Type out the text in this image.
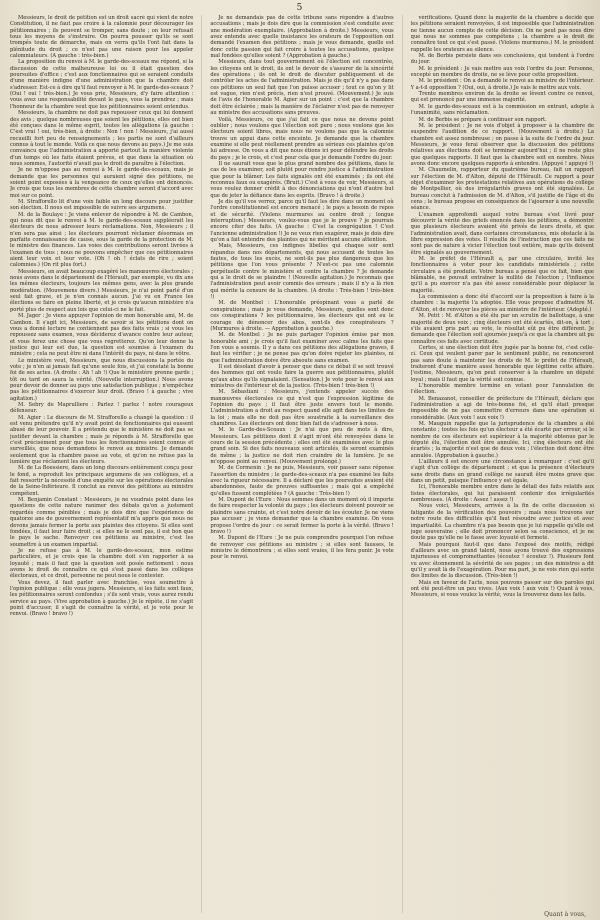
5

Messieurs, le droit de pétition est un droit sacré qui vient de notre Constitution, il ne faut pas croire à la calomnie pour décourager les pétitionnaires ; ils peuvent se tromper, sans doute ; on leur refusait tous les moyens de s'instruire. On pourra pousser qu'ils se sont trompés toute de démarche, mais on verra qu'ils l'ont fait dans la plénitude du droit ; ce n'est pas une raison pour les appeler calomniateurs. (A gauche : très-bien.)

La proposition du renvoi à M. le garde-des-sceaux me répond, si la discussion de cette malheureuse loi ou il était question des poursuites d'office ; c'est aux fonctionnaires qui se seraient conduits d'une manière indigne d'une administration que la chambre doit s'adresser. Est-ce à dire qu'il faut renvoyer à M. le garde-des-sceaux ? (Oui ! oui ! très-bien.) Je vous prie, Messieurs, d'y faire attention : vous avez une responsabilité devant le pays, vous la prendrez ; mais l'honneur de la chambre veut que les pétitionnaires soient entendus.

Messieurs, la chambre ne doit pas repousser ceux qui lui donnent des avis ; quelque nombreuses que soient les pétitions, elles ont bien été conçues dans le même esprit, toutes les allégations (à gauche : C'est vrai ! oui, très-bien, à droite : Non ! non ! Messieurs, j'ai aussi recueilli fort peu de renseignements ; les partis ne sont d'ailleurs connus à tout le monde. Voilà ce que nous devons au pays.) Je me suis convaincu que l'administration a apporté partout la manière violente d'un temps où les faits étaient prévus, et que dans la situation où nous sommes, l'autorité n'avait pas le droit de paraître à l'élection.

Je ne m'oppose pas au renvoi à M. le garde-des-sceaux, mais je demande que les personnes qui auraient signé des pétitions, ne soient point exposées à la vengeance de ceux qu'elles ont dénoncés. Je crois que tous les membres de cette chambre seront d'accord avec moi sur ce point.

M. Strafforello lit d'une voix faible un long discours pour justifier son élection. Il nous est impossible de suivre ses argumens.

M. de la Boulaye : Je viens enlever de répondre à M. de Cambon, qui nous dit que le renvoi à M. le garde-des-sceaux suppléerait les électeurs de nous adresser leurs réclamations. Non, Messieurs ; il n'en sera pas ainsi ; les électeurs pourront réclamer désormais en parfaite connaissance de cause, sous la garde de la protection de M. le ministre des finances. Les voies des contributions seront livrées à l'examen de tous ; nous ne pouvons empêcher que ces pétitionnaires aient leur voix et leur vote. (Oh ! oh ! éclats de rire ; soient calomnies.) (On rit plus fort.)

Messieurs, on avait beaucoup exagéré les manœuvres électorales ; nous avons dans le département de l'Hérault, par exemple, vu dix ans les mêmes électeurs, toujours les mêmes gens, avec la plus grande modération. (Mouvemens divers.) Messieurs, je n'ai point parlé d'un seul fait grave, et je n'en connais aucun. J'ai vu en France les élections se faire en pleine liberté, et je crois qu'aucun ministère n'a porté plus de respect aux lois que celui-ci ne le fait.

M. Jager : Je viens appuyer l'opinion de mon honorable ami, M. de Cambon. Il s'agit ici, Messieurs, de savoir si les pétitions dont on vous a donné lecture ne contiennent pas des faits vrais ; si vous les repoussez sans examen, vous déciderez d'avance contre leur auteur, et vous ferez une chose que vous regretterez. Qu'on leur donne la justice qui leur est due, la question est soumise à l'examen du ministre ; cela ne peut être ni dans l'intérêt du pays, ni dans le vôtre.

Le ministère veut, Messieurs, que nous discussions la portée du vote ; je n'en ai jamais fait qu'une seule fois, et j'ai constaté la bonne foi de ses actes. (A droite : Ah ! ah !) Que le ministère prenne garde ; tôt ou tard on saura la vérité. (Nouvelle interruption.) Nous avons pour devoir de donner au pays une satisfaction publique ; n'empêchez pas les pétitionnaires d'exercer leur droit. (Bravo ! à gauche ; vive agitation.)

M. Sebry de Maprulliere : Parlez ! parlez ! notre courageux défenseur.

M. Agier : Le discours de M. Strafforello a changé la question : il est venu prétendre qu'il n'y avait point de fonctionnaires qui eussent abusé de leur pouvoir. Il a prétendu que le ministère ne doit pas se justifier devant la chambre ; mais je réponds à M. Strafforello que c'est précisément pour que tous les fonctionnaires soient connus et surveillés, que nous demandons le renvoi au ministre. Je demande seulement que la chambre passe au vote, et qu'on ne refuse pas la lumière que réclament les électeurs.

M. de La Boessiere, dans un long discours entièrement conçu pour le fond, a reproduit les principaux argumens de ses collègues, et a fait ressortir la nécessité d'une enquête sur les opérations électorales de la Seine-Inférieure. Il conclut au renvoi des pétitions au ministre compétent.

M. Benjamin Constant : Messieurs, je ne voudrais point dans les questions de cette nature ranimer des débats qu'on a justement regardés comme pénibles ; mais je dois dire que l'expérience de quatorze ans de gouvernement représentatif m'a appris que nous ne devons jamais fermer la porte aux plaintes des citoyens. Si elles sont fondées, il faut leur faire droit ; si elles ne le sont pas, il est bon que le pays le sache. Renvoyer ces pétitions au ministre, c'est les soumettre à un examen impartial.

Je ne refuse pas à M. le garde-des-sceaux, mon estime particulière, et je crois que la chambre doit s'en rapporter à sa loyauté ; mais il faut que la question soit posée nettement : nous avons le droit de connaître ce qui s'est passé dans les collèges électoraux, et ce droit, personne ne peut nous le contester.

Vous devez, il faut parler avec franchise, vous soumettre à l'opinion publique : elle vous jugera. Messieurs, si les faits sont faux, les pétitionnaires seront confondus ; s'ils sont vrais, vous aurez rendu service au pays. (Vive approbation à gauche.) Je le répète, il ne s'agit point d'accuser, il s'agit de connaître la vérité, et je vote pour le renvoi. (Bravo ! bravo !)

Je ne demandais pas de cette tribune sans répondre à d'autres accusations ; mais je dois dire que la commission s'est conduite avec une modération exemplaire. (Approbation à droite.) Messieurs, vous avez entendu avec quelle insistance les orateurs de l'opposition ont demandé l'examen des pétitions ; mais je vous demande, quelle est donc cette passion qui fait croire à toutes les accusations, quelque mal fondées qu'elles soient ? (Approbation à gauche.)

Messieurs, dans tout gouvernement où l'élection est concentrée, les citoyens ont le droit, ils ont le devoir de s'assurer de la sincérité des opérations ; ils ont le droit de discuter publiquement et de contrôler les actes de l'administration. Mais je dis qu'il n'y a pas dans ces pétitions un seul fait que l'on puisse accuser ; tout ce qu'on y lit est vague, rien n'est précis, rien n'est prouvé. (Mouvement.) Je suis de l'avis de l'honorable M. Agier sur un point : c'est que la chambre doit être éclairée ; mais la manière de l'éclairer n'est pas de renvoyer au ministre des accusations sans preuves.

Voilà, Messieurs, ce que j'ai fait ce que nous ne devons point oublier ; nous voulons que l'élection soit pure ; nous voulons que les électeurs soient libres, mais nous ne voulons pas que la calomnie trouve un appui dans cette enceinte. Je demande que la chambre examine si elle peut réellement prendre au sérieux ces plaintes qu'on lui adresse. On vous a dit que nous étions ici pour défendre les droits du pays ; je le crois, et c'est pour cela que je demande l'ordre du jour.

Il ne saurait vous que le plus grand nombre des pétitions, dans le cas de les examiner, soit plutôt pour rendre justice à l'administration que pour la blâmer. Les faits signalés ont été examinés ; ils ont été reconnus faux ou exagérés. (Bruit.) C'est à vous de voir, Messieurs, si vous voulez donner crédit à des dénonciations qui n'ont d'autre but que de jeter la défiance dans les esprits. (Bravo ! à droite.)

Je dis qu'il vos verrez, parce qu'il faut les dire dans un moment où l'ordre constitutionnel est encore menacé ; le pays a besoin de repos et de sécurité. (Violens murmures au centre droit ; longue interruption.) Messieurs, voulez-vous que je le prouve ? je pourrais encore citer des faits. (A gauche : C'est la congrégation ! C'est l'ancienne administration !) Je ne veux rien exagérer, mais je dois dire qu'on a fait entendre des plaintes qui ne méritent aucune attention.

Mais, Messieurs, ces indignes libelles qui chaque soir sont répandus dans nos départements, qui nous accusent de toutes les fautes, de tous les excès, ne sont-ils pas plus dangereux que les pétitions que l'on vous présente ? N'est-ce pas une calomnie perpétuelle contre le ministère et contre la chambre ? Je demande qui a le droit de se plaindre ! (Nouvelle agitation.) Je reconnais que l'administration peut avoir commis des erreurs ; mais il n'y a là rien qui mérite la censure de la chambre. (A droite : Très-bien ! très-bien !)

M. de Montbel : L'honorable préopinant vous a parlé de conspirations ; mais je vous demande, Messieurs, quelles sont donc ces conspirations ? les pétitionnaires, les électeurs qui ont eu le courage de dénoncer des abus, sont-ils des conspirateurs ? (Murmures à droite. — Approbation à gauche.)

M. de Montbel : Je ne puis partager l'opinion émise par mon honorable ami ; je crois qu'il faut examiner avec calme les faits que l'on vous a soumis. Il y a dans ces pétitions des allégations graves, il faut les vérifier ; je ne pense pas qu'on doive rejeter les plaintes, ni que l'administration doive être absoute sans examen.

Il est désolant d'avoir à penser que dans ce débat il se soit trouvé des hommes qui ont voulu faire la guerre aux pétitionnaires, plutôt qu'aux abus qu'ils signalaient. (Sensation.) Je vote pour le renvoi aux ministres de l'intérieur et de la justice. (Très-bien ! très-bien !)

M. Sébastiani : Messieurs, j'entends appeler succès des manœuvres électorales ce qui n'est que l'expression légitime de l'opinion du pays ; il faut être juste envers tout le monde. L'administration a droit au respect quand elle agit dans les limites de la loi ; mais elle ne doit pas être soustraite à la surveillance des chambres. Les électeurs ont donc bien fait de s'adresser à nous.

M. le Garde-des-Sceaux : Je n'ai que peu de mots à dire, Messieurs. Les pétitions dont il s'agit m'ont été renvoyées dans le cours de la session précédente ; elles ont été examinées avec le plus grand soin. Si des faits nouveaux sont articulés, ils seront examinés de même ; la justice ne doit rien craindre de la lumière. Je ne m'oppose point au renvoi. (Mouvement prolongé.)

M. de Cormenin : Je ne puis, Messieurs, voir passer sans réponse l'assertion du ministre ; le garde-des-sceaux n'a pas examiné les faits avec la rigueur nécessaire. Il a déclaré que les poursuites avaient été abandonnées, faute de preuves suffisantes ; mais qui a empêché qu'elles fussent complétées ? (A gauche : Très-bien !)

M. Dupont de l'Eure : Nous sommes dans un moment où il importe de faire respecter la volonté du pays ; les électeurs doivent pouvoir se plaindre sans crainte, et c'est notre devoir de les écouter. Je ne viens pas accuser ; je viens demander que la chambre examine. On vous propose l'ordre du jour : ce serait fermer la porte à la vérité. (Bravo ! bravo !)

M. Dupont de l'Eure : Je ne puis comprendre pourquoi l'on refuse de renvoyer ces pétitions au ministre ; si elles sont fausses, le ministre le démontrera ; si elles sont vraies, il les fera punir. Je vote pour le renvoi.

vérifications. Quand donc la majorité de la chambre a décidé que les pétitions seraient renvoyées, il est impossible que l'administration ne tienne aucun compte de cette décision. On ne peut pas nous dire que nous ne sommes pas compétens ; la chambre a le droit de connaître tout ce qui s'est passé. (Violens murmures.) M. le président rappelle les orateurs au silence.

M. de Berbis persiste dans ses conclusions, qui tendent à l'ordre du jour.

M. le président : Je vais mettre aux voix l'ordre du jour. Personne, excepté un membre de droite, ne se lève pour cette proposition.

M. le président : On a demandé le renvoi au ministre de l'intérieur. Y a-t-il opposition ? (Oui, oui, à droite.) Je vais le mettre aux voix.

Trente membres environ de la droite se lèvent contre ce renvoi, qui est prononcé par une immense majorité.

M. le garde-des-sceaux est à la commission en entrant, adopte à l'unanimité, sans réclamation.

M. de Berbis se prépare à continuer son rapport.

M. le président : Je ne vois d'objet à proposer à la chambre de suspendre l'audition de ce rapport. (Mouvement à droite.) La chambre est assez nombreuse ; on passe à la suite de l'ordre du jour. Messieurs, je vous ferai observer que la discussion des pétitions relatives aux élections doit se terminer aujourd'hui ; il ne reste plus que quelques rapports. Il faut que la chambre soit en nombre. Nous avons donc encore quelques rapports à entendre. (Appuyé ! appuyé !)

M. Chaumelin, rapporteur du quatrième bureau, fait un rapport sur l'élection de M. d'Alton, député de l'Hérault. Ce rapport a pour objet d'examiner les protestations relatives aux opérations du collège de Montpellier, où des irrégularités graves ont été signalées. Le bureau conclut à l'admission de M. d'Alton, s'il justifie de l'âge et du cens ; le bureau propose en conséquence de l'ajourner à une nouvelle séance.

L'examen approfondi auquel votre bureau s'est livré pour découvrir la vérité des griefs énoncés dans les pétitions, a démontré que plusieurs électeurs avaient été privés de leurs droits, et que l'administration avait, dans certaines circonstances, mis obstacle à la libre expression des votes. Il résulte de l'instruction que ces faits ne sont pas de nature à vicier l'élection tout entière, mais qu'ils doivent être signalés au gouvernement.

M. le préfet de l'Hérault a, par une circulaire, invité les fonctionnaires à voter pour les candidats ministériels ; cette circulaire a été produite. Votre bureau a pensé que ce fait, bien que blâmable, ne pouvait entraîner la nullité de l'élection ; l'influence qu'il a pu exercer n'a pas été assez considérable pour déplacer la majorité.

La commission a donc été d'accord sur la proposition à faire à la chambre : la majorité l'a adoptée. Elle vous propose d'admettre M. d'Alton, et de renvoyer les pièces au ministre de l'intérieur. (Adopté.)

M. Petit : M. d'Alton a été élu par un scrutin de ballottage, à une majorité de deux voix ; cinq électeurs ont été écartés, dit-on, à tort ; s'ils avaient pris part au vote, le résultat eût pu être différent. Je demande que l'élection soit ajournée jusqu'à ce que la chambre ait pu connaître ces faits avec certitude.

Certes, si une élection doit être jugée par la bonne foi, c'est celle-ci. Ceux qui veulent parer par le sentiment public, ne renonceront pas sans doute à maintenir les droits de M. le préfet de l'Hérault, traiteront d'une manière aussi honorable que légitime cette affaire. J'estime, Messieurs, qu'on peut conserver à la chambre un député loyal ; mais il faut que la vérité soit connue.

L'honorable membre termine en votant pour l'annulation de l'élection.

M. Benazanot, conseiller de préfecture de l'Hérault, déclare que l'administration a agi de très-bonne foi, et qu'il était presque impossible de ne pas commettre d'erreurs dans une opération si considérable. (Aux voix ! aux voix !)

M. Mauguin rappelle que la jurisprudence de la chambre a été constante ; toutes les fois qu'un électeur a été écarté par erreur, si le nombre de ces électeurs est supérieur à la majorité obtenue par le député élu, l'élection doit être annulée. Ici, cinq électeurs ont été écartés ; la majorité n'est que de deux voix ; l'élection doit donc être annulée. (Approbation à gauche.)

L'ailleurs il est encore une circonstance à remarquer : c'est qu'il s'agit d'un collège de département ; et que la présence d'électeurs sans droits dans un grand collège ne saurait être moins grave que dans un petit, puisque l'influence y est égale.

Ici, l'honorable membre entre dans le détail des faits relatifs aux listes électorales, qui lui paraissent contenir des irrégularités nombreuses. (A droite : Assez ! assez !)

Nous voici, Messieurs, arrivés à la fin de cette discussion si fatigante de la vérification des pouvoirs ; mais nous trouvons sur notre route des difficultés qu'il faut résoudre avec justice et avec impartialité. La chambre n'a pas besoin que je lui rappelle qu'elle est juge souveraine ; elle doit prononcer selon sa conscience, et je ne doute pas qu'elle ne le fasse avec loyauté et fermeté.

Mais pourquoi faut-il que dans l'exposé des motifs, rédigé d'ailleurs avec un grand talent, nous ayons trouvé des expressions injurieuses et compromettantes (écoutez ! écoutez !). Plusieurs font vu avec étonnement la sévérité de ses pages ; un des ministres a dit qu'il y avait là de l'exagération. Pour ma part, je ne vois rien qui sorte des limites de la discussion. (Très-bien !)

Mais en faveur de l'acte, nous pouvons passer sur des paroles qui ont été peut-être un peu vives. (Aux voix ! aux voix !) Quant à vous, Messieurs, si vous voulez la vérité, vous la trouverez dans les faits.

Quant à vous,
